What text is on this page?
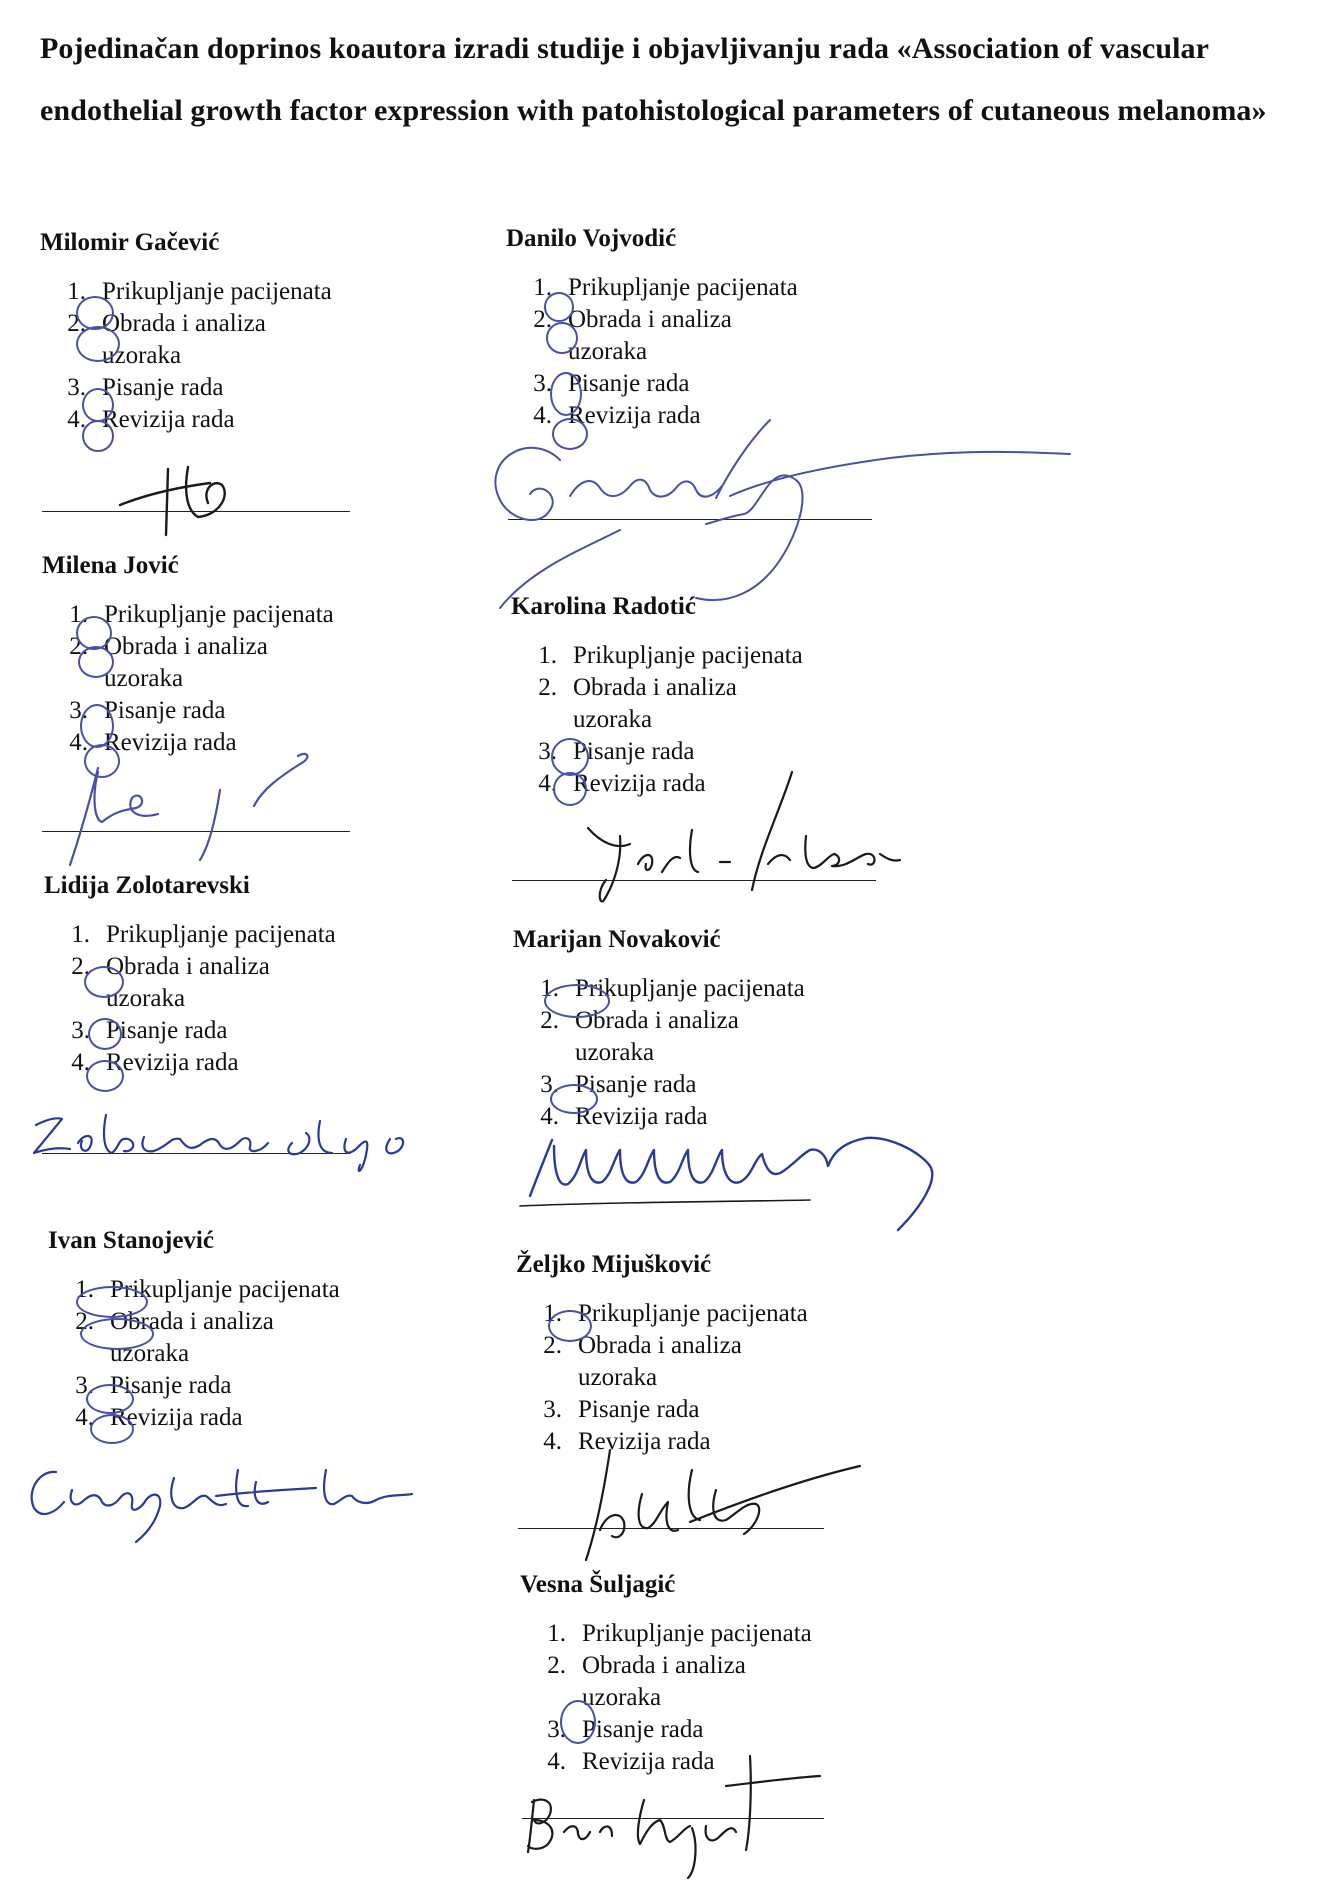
Pojedinačan doprinos koautora izradi studije i objavljivanju rada «Association of vascular endothelial growth factor expression with patohistological parameters of cutaneous melanoma»

Milomir Gačević

1. Prikupljanje pacijenata
2. Obrada i analiza
uzoraka
3. Pisanje rada
4. Revizija rada

Milena Jović

1. Prikupljanje pacijenata
2. Obrada i analiza
uzoraka
3. Pisanje rada
4. Revizija rada

Lidija Zolotarevski

1. Prikupljanje pacijenata
2. Obrada i analiza
uzoraka
3. Pisanje rada
4. Revizija rada

Ivan Stanojević

1. Prikupljanje pacijenata
2. Obrada i analiza
uzoraka
3. Pisanje rada
4. Revizija rada

Danilo Vojvodić

1. Prikupljanje pacijenata
2. Obrada i analiza
uzoraka
3. Pisanje rada
4. Revizija rada

Karolina Radotić

1. Prikupljanje pacijenata
2. Obrada i analiza
uzoraka
3. Pisanje rada
4. Revizija rada

Marijan Novaković

1. Prikupljanje pacijenata
2. Obrada i analiza
uzoraka
3. Pisanje rada
4. Revizija rada

Željko Mijušković

1. Prikupljanje pacijenata
2. Obrada i analiza
uzoraka
3. Pisanje rada
4. Revizija rada

Vesna Šuljagić

1. Prikupljanje pacijenata
2. Obrada i analiza
uzoraka
3. Pisanje rada
4. Revizija rada
